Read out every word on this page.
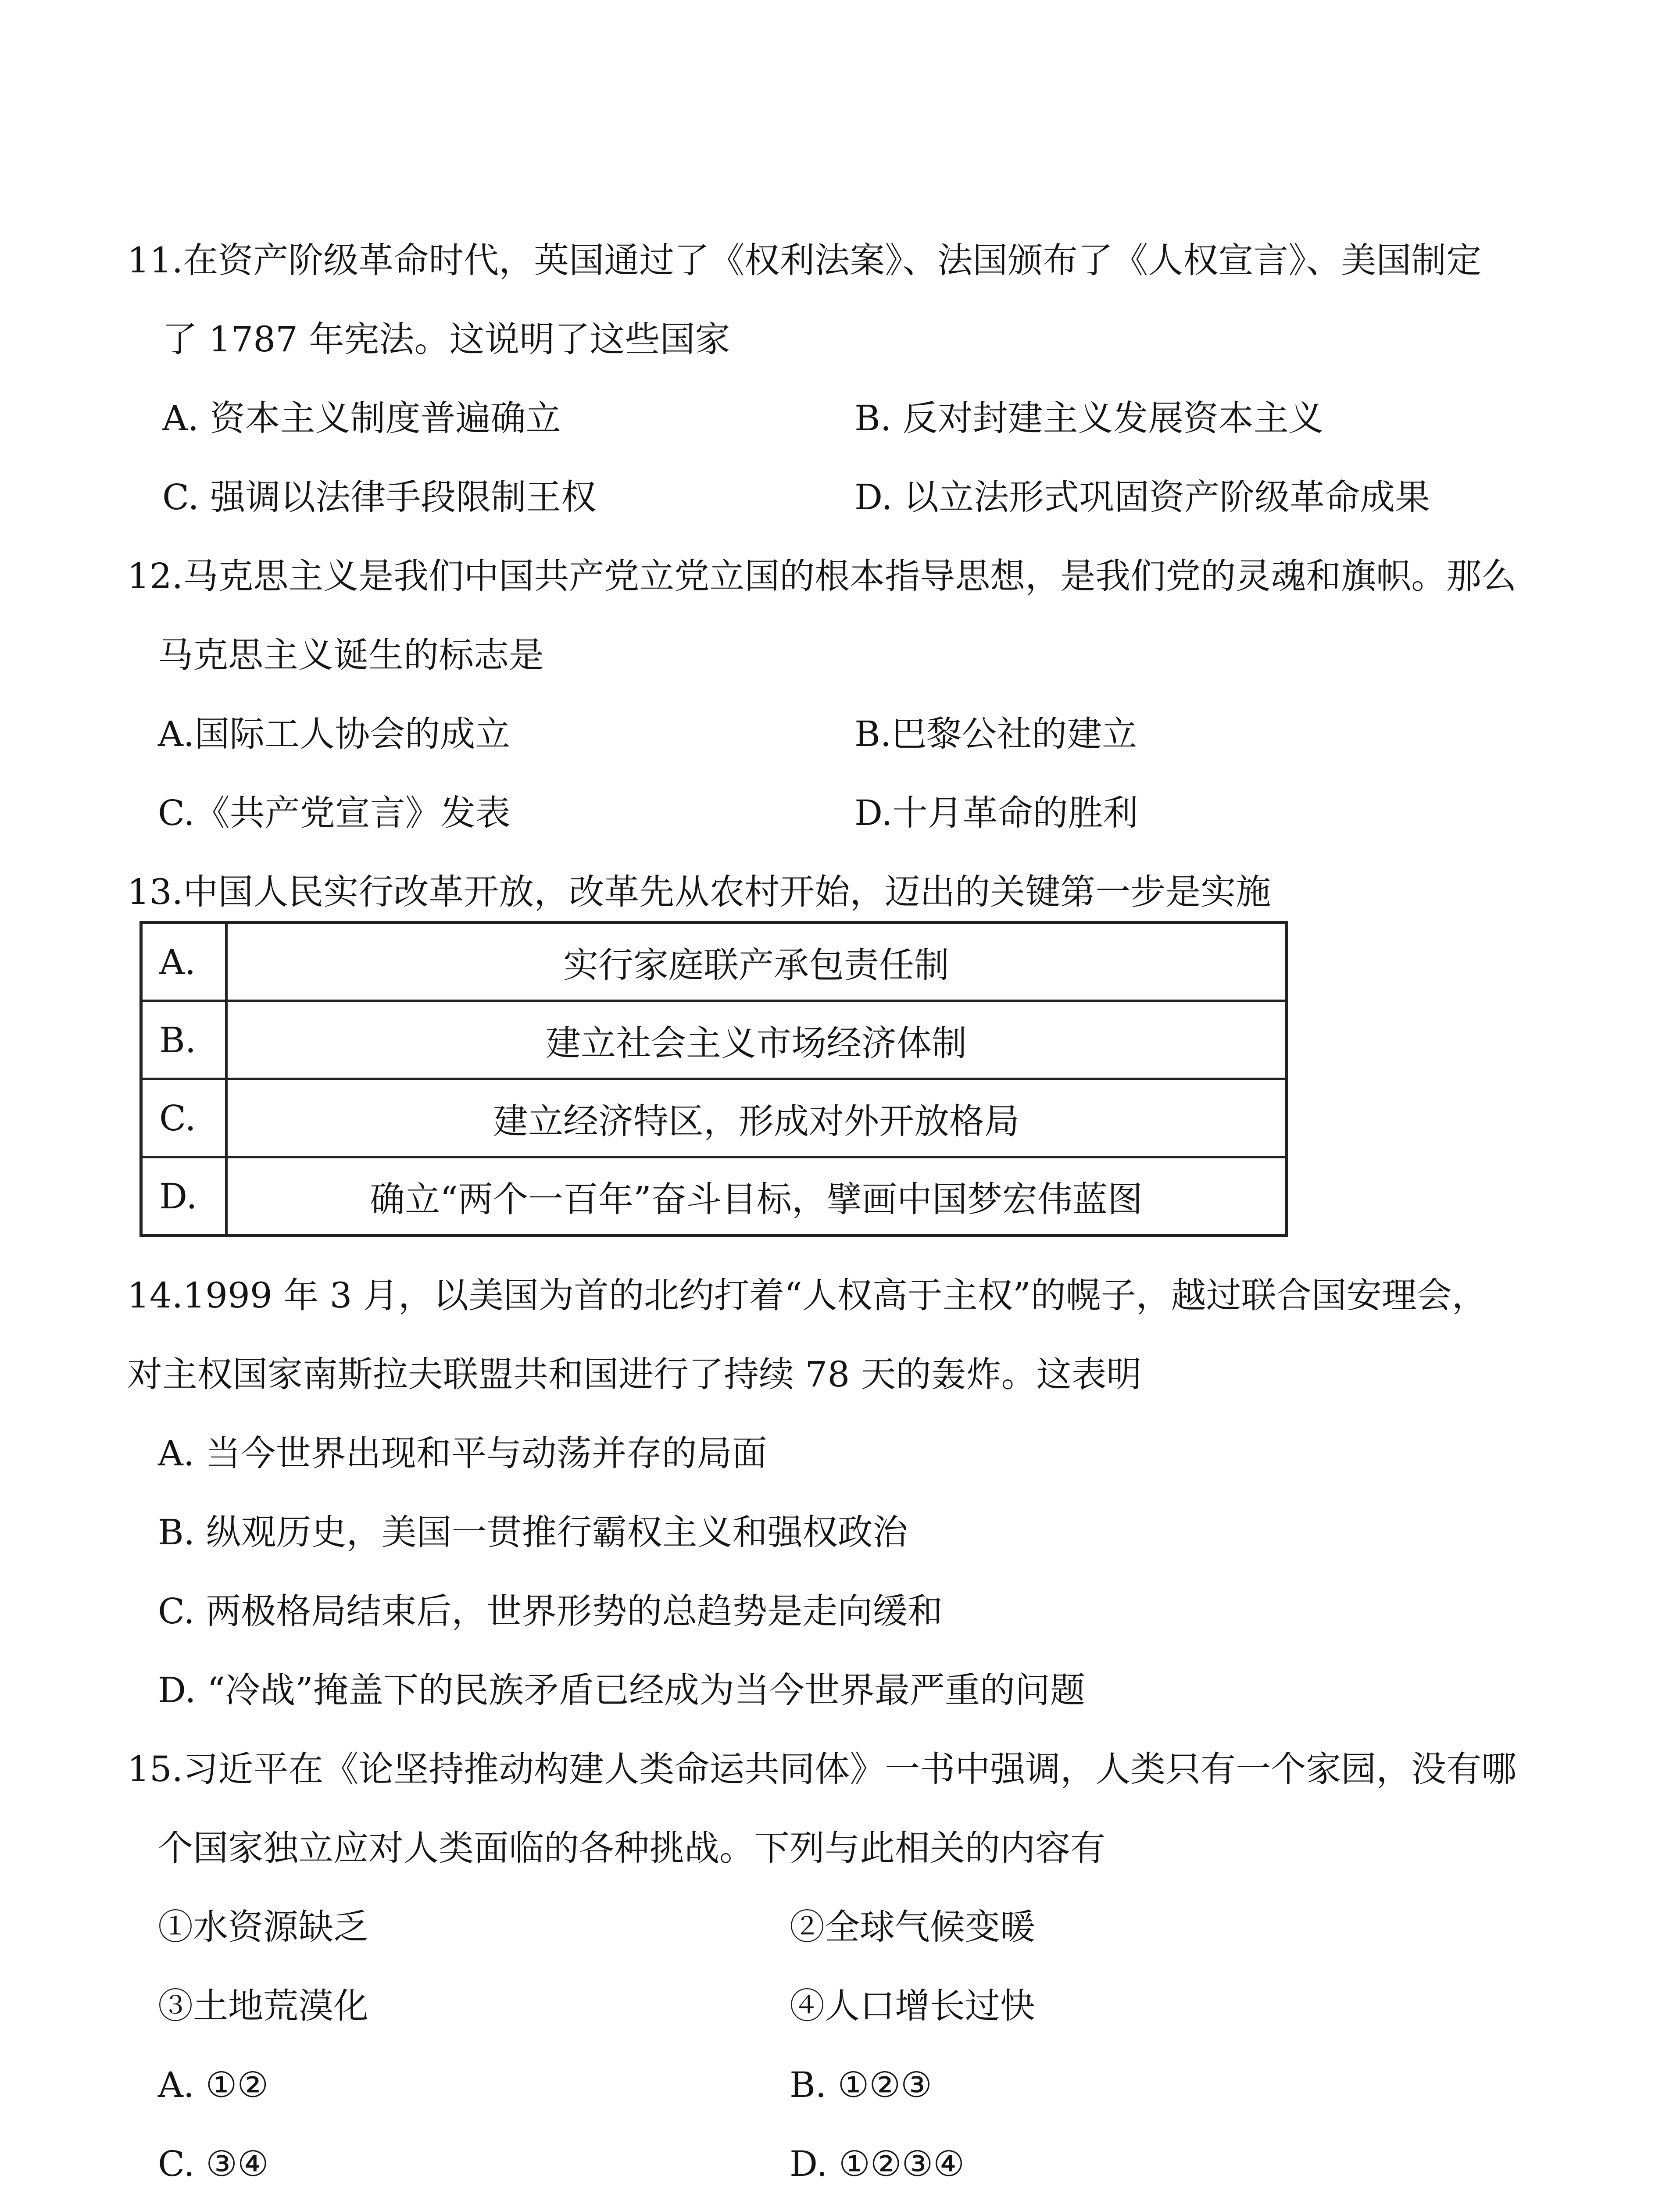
11.在资产阶级革命时代，英国通过了《权利法案》、法国颁布了《人权宣言》、美国制定
了 1787 年宪法。这说明了这些国家
A. 资本主义制度普遍确立	B. 反对封建主义发展资本主义
C. 强调以法律手段限制王权	D. 以立法形式巩固资产阶级革命成果
12.马克思主义是我们中国共产党立党立国的根本指导思想，是我们党的灵魂和旗帜。那么
马克思主义诞生的标志是
A.国际工人协会的成立	B.巴黎公社的建立
C.《共产党宣言》发表	D.十月革命的胜利
13.中国人民实行改革开放，改革先从农村开始，迈出的关键第一步是实施
A.	实行家庭联产承包责任制
B.	建立社会主义市场经济体制
C.	建立经济特区，形成对外开放格局
D.	确立“两个一百年”奋斗目标，擘画中国梦宏伟蓝图
14.1999 年 3 月，以美国为首的北约打着“人权高于主权”的幌子，越过联合国安理会，
对主权国家南斯拉夫联盟共和国进行了持续 78 天的轰炸。这表明
A. 当今世界出现和平与动荡并存的局面
B. 纵观历史，美国一贯推行霸权主义和强权政治
C. 两极格局结束后，世界形势的总趋势是走向缓和
D. “冷战”掩盖下的民族矛盾已经成为当今世界最严重的问题
15.习近平在《论坚持推动构建人类命运共同体》一书中强调，人类只有一个家园，没有哪
个国家独立应对人类面临的各种挑战。下列与此相关的内容有
①水资源缺乏	②全球气候变暖
③土地荒漠化	④人口增长过快
A. ①②	B. ①②③
C. ③④	D. ①②③④
